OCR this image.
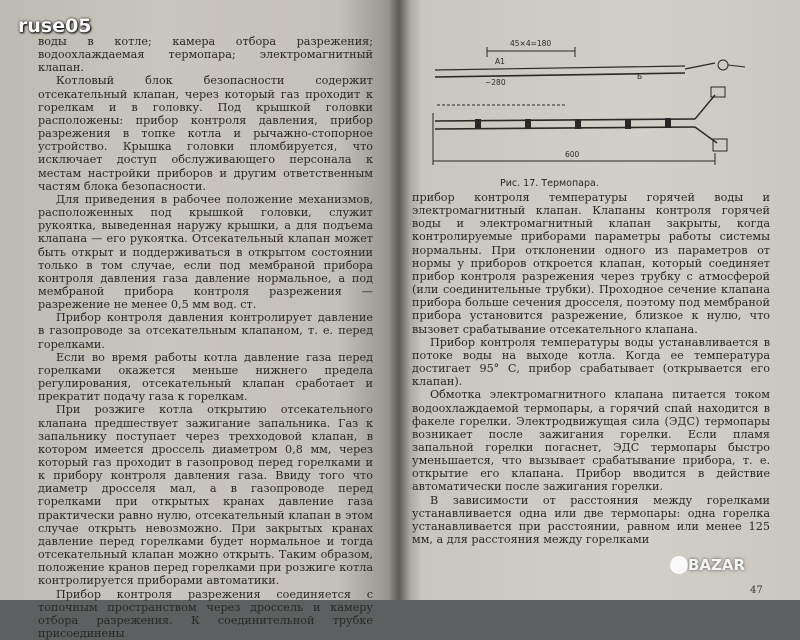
воды в котле; камера отбора разрежения; водоохлаждаемая термопара; электромагнитный клапан.

Котловый блок безопасности содержит отсекательный клапан, через который газ проходит к горелкам и в головку. Под крышкой головки расположены: прибор контроля давления, прибор разрежения в топке котла и рычажно-стопорное устройство. Крышка головки пломбируется, что исключает доступ обслуживающего персонала к местам настройки приборов и другим ответственным частям блока безопасности.

Для приведения в рабочее положение механизмов, расположенных под крышкой головки, служит рукоятка, выведенная наружу крышки, а для подъема клапана — его рукоятка. Отсекательный клапан может быть открыт и поддерживаться в открытом состоянии только в том случае, если под мембраной прибора контроля давления газа давление нормальное, а под мембраной прибора контроля разрежения — разрежение не менее 0,5 мм вод. ст.

Прибор контроля давления контролирует давление в газопроводе за отсекательным клапаном, т. е. перед горелками.

Если во время работы котла давление газа перед горелками окажется меньше нижнего предела регулирования, отсекательный клапан сработает и прекратит подачу газа к горелкам.

При розжиге котла открытию отсекательного клапана предшествует зажигание запальника. Газ к запальнику поступает через трехходовой клапан, в котором имеется дроссель диаметром 0,8 мм, через который газ проходит в газопровод перед горелками и к прибору контроля давления газа. Ввиду того что диаметр дросселя мал, а в газопроводе перед горелками при открытых кранах давление газа практически равно нулю, отсекательный клапан в этом случае открыть невозможно. При закрытых кранах давление перед горелками будет нормальное и тогда отсекательный клапан можно открыть. Таким образом, положение кранов перед горелками при розжиге котла контролируется приборами автоматики.

Прибор контроля разрежения соединяется с топочным пространством через дроссель и камеру отбора разрежения. К соединительной трубке присоединены

45×4=180
А1
~280
Б
600
Рис. 17. Термопара.

прибор контроля температуры горячей воды и электромагнитный клапан. Клапаны контроля горячей воды и электромагнитный клапан закрыты, когда контролируемые приборами параметры работы системы нормальны. При отклонении одного из параметров от нормы у приборов откроется клапан, который соединяет прибор контроля разрежения через трубку с атмосферой (или соединительные трубки). Проходное сечение клапана прибора больше сечения дросселя, поэтому под мембраной прибора установится разрежение, близкое к нулю, что вызовет срабатывание отсекательного клапана.

Прибор контроля температуры воды устанавливается в потоке воды на выходе котла. Когда ее температура достигает 95° С, прибор срабатывает (открывается его клапан).

Обмотка электромагнитного клапана питается током водоохлаждаемой термопары, а горячий спай находится в факеле горелки. Электродвижущая сила (ЭДС) термопары возникает после зажигания горелки. Если пламя запальной горелки погаснет, ЭДС термопары быстро уменьшается, что вызывает срабатывание прибора, т. е. открытие его клапана. Прибор вводится в действие автоматически после зажигания горелки.

В зависимости от расстояния между горелками устанавливается одна или две термопары: одна горелка устанавливается при расстоянии, равном или менее 125 мм, а для расстояния между горелками

47
ruse05
BAZAR
